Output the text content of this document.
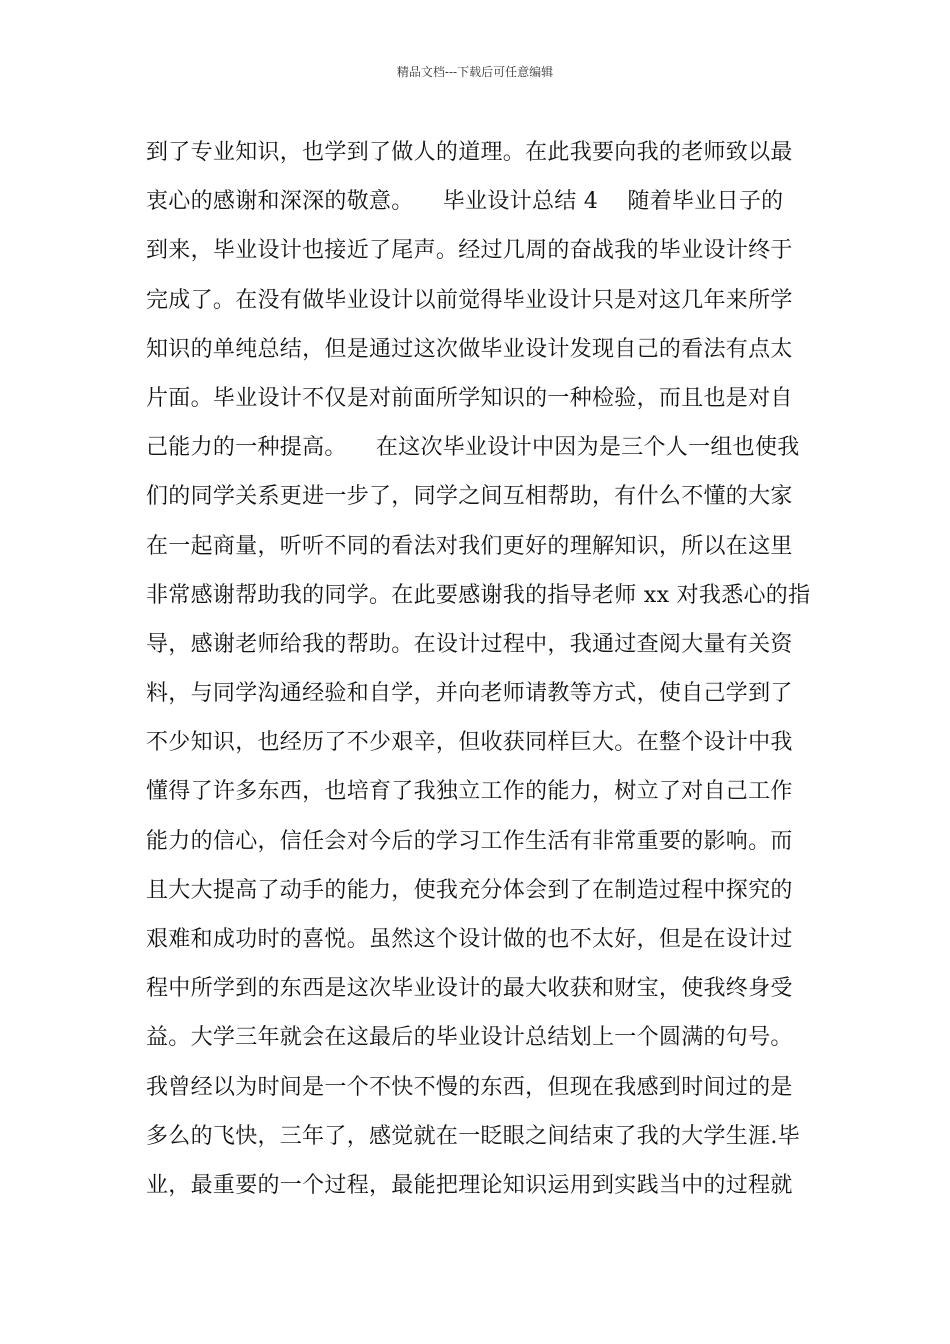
精品文档---下载后可任意编辑
到了专业知识，也学到了做人的道理。在此我要向我的老师致以最
衷心的感谢和深深的敬意。    毕业设计总结 4    随着毕业日子的
到来，毕业设计也接近了尾声。经过几周的奋战我的毕业设计终于
完成了。在没有做毕业设计以前觉得毕业设计只是对这几年来所学
知识的单纯总结，但是通过这次做毕业设计发现自己的看法有点太
片面。毕业设计不仅是对前面所学知识的一种检验，而且也是对自
己能力的一种提高。    在这次毕业设计中因为是三个人一组也使我
们的同学关系更进一步了，同学之间互相帮助，有什么不懂的大家
在一起商量，听听不同的看法对我们更好的理解知识，所以在这里
非常感谢帮助我的同学。在此要感谢我的指导老师 xx 对我悉心的指
导，感谢老师给我的帮助。在设计过程中，我通过查阅大量有关资
料，与同学沟通经验和自学，并向老师请教等方式，使自己学到了
不少知识，也经历了不少艰辛，但收获同样巨大。在整个设计中我
懂得了许多东西，也培育了我独立工作的能力，树立了对自己工作
能力的信心，信任会对今后的学习工作生活有非常重要的影响。而
且大大提高了动手的能力，使我充分体会到了在制造过程中探究的
艰难和成功时的喜悦。虽然这个设计做的也不太好，但是在设计过
程中所学到的东西是这次毕业设计的最大收获和财宝，使我终身受
益。大学三年就会在这最后的毕业设计总结划上一个圆满的句号。
我曾经以为时间是一个不快不慢的东西，但现在我感到时间过的是
多么的飞快，三年了，感觉就在一眨眼之间结束了我的大学生涯.毕
业，最重要的一个过程，最能把理论知识运用到实践当中的过程就
